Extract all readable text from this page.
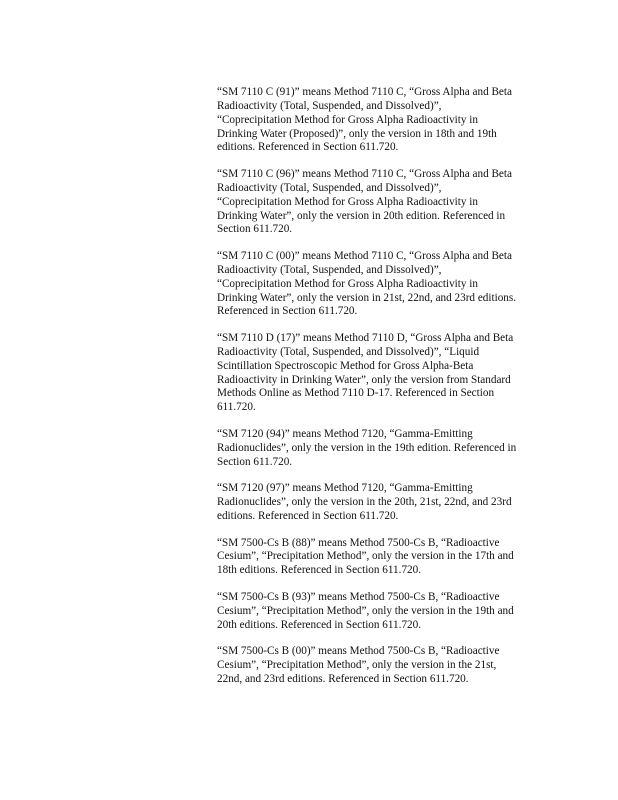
“SM 7110 C (91)” means Method 7110 C, “Gross Alpha and Beta
Radioactivity (Total, Suspended, and Dissolved)”,
“Coprecipitation Method for Gross Alpha Radioactivity in
Drinking Water (Proposed)”, only the version in 18th and 19th
editions. Referenced in Section 611.720.

“SM 7110 C (96)” means Method 7110 C, “Gross Alpha and Beta
Radioactivity (Total, Suspended, and Dissolved)”,
“Coprecipitation Method for Gross Alpha Radioactivity in
Drinking Water”, only the version in 20th edition. Referenced in
Section 611.720.

“SM 7110 C (00)” means Method 7110 C, “Gross Alpha and Beta
Radioactivity (Total, Suspended, and Dissolved)”,
“Coprecipitation Method for Gross Alpha Radioactivity in
Drinking Water”, only the version in 21st, 22nd, and 23rd editions.
Referenced in Section 611.720.

“SM 7110 D (17)” means Method 7110 D, “Gross Alpha and Beta
Radioactivity (Total, Suspended, and Dissolved)”, “Liquid
Scintillation Spectroscopic Method for Gross Alpha-Beta
Radioactivity in Drinking Water”, only the version from Standard
Methods Online as Method 7110 D-17. Referenced in Section
611.720.

“SM 7120 (94)” means Method 7120, “Gamma-Emitting
Radionuclides”, only the version in the 19th edition. Referenced in
Section 611.720.

“SM 7120 (97)” means Method 7120, “Gamma-Emitting
Radionuclides”, only the version in the 20th, 21st, 22nd, and 23rd
editions. Referenced in Section 611.720.

“SM 7500-Cs B (88)” means Method 7500-Cs B, “Radioactive
Cesium”, “Precipitation Method”, only the version in the 17th and
18th editions. Referenced in Section 611.720.

“SM 7500-Cs B (93)” means Method 7500-Cs B, “Radioactive
Cesium”, “Precipitation Method”, only the version in the 19th and
20th editions. Referenced in Section 611.720.

“SM 7500-Cs B (00)” means Method 7500-Cs B, “Radioactive
Cesium”, “Precipitation Method”, only the version in the 21st,
22nd, and 23rd editions. Referenced in Section 611.720.
